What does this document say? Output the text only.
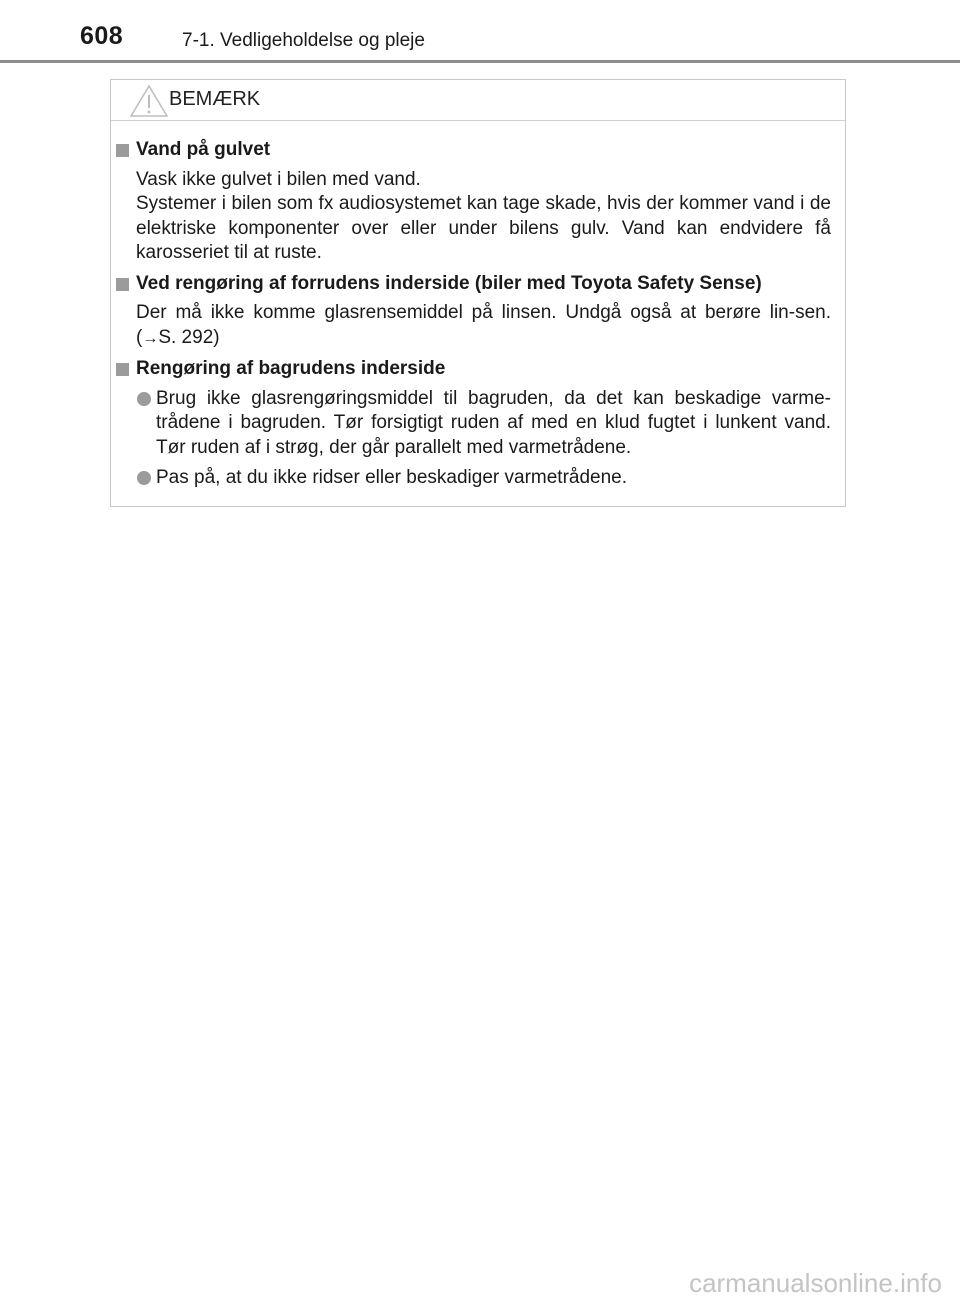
608	7-1. Vedligeholdelse og pleje
BEMÆRK
Vand på gulvet
Vask ikke gulvet i bilen med vand.
Systemer i bilen som fx audiosystemet kan tage skade, hvis der kommer vand i de elektriske komponenter over eller under bilens gulv. Vand kan endvidere få karosseriet til at ruste.
Ved rengøring af forrudens inderside (biler med Toyota Safety Sense)
Der må ikke komme glasrensemiddel på linsen. Undgå også at berøre lin-sen. (→S. 292)
Rengøring af bagrudens inderside
Brug ikke glasrengøringsmiddel til bagruden, da det kan beskadige varme-trådene i bagruden. Tør forsigtigt ruden af med en klud fugtet i lunkent vand. Tør ruden af i strøg, der går parallelt med varmetrådene.
Pas på, at du ikke ridser eller beskadiger varmetrådene.
carmanualsonline.info
